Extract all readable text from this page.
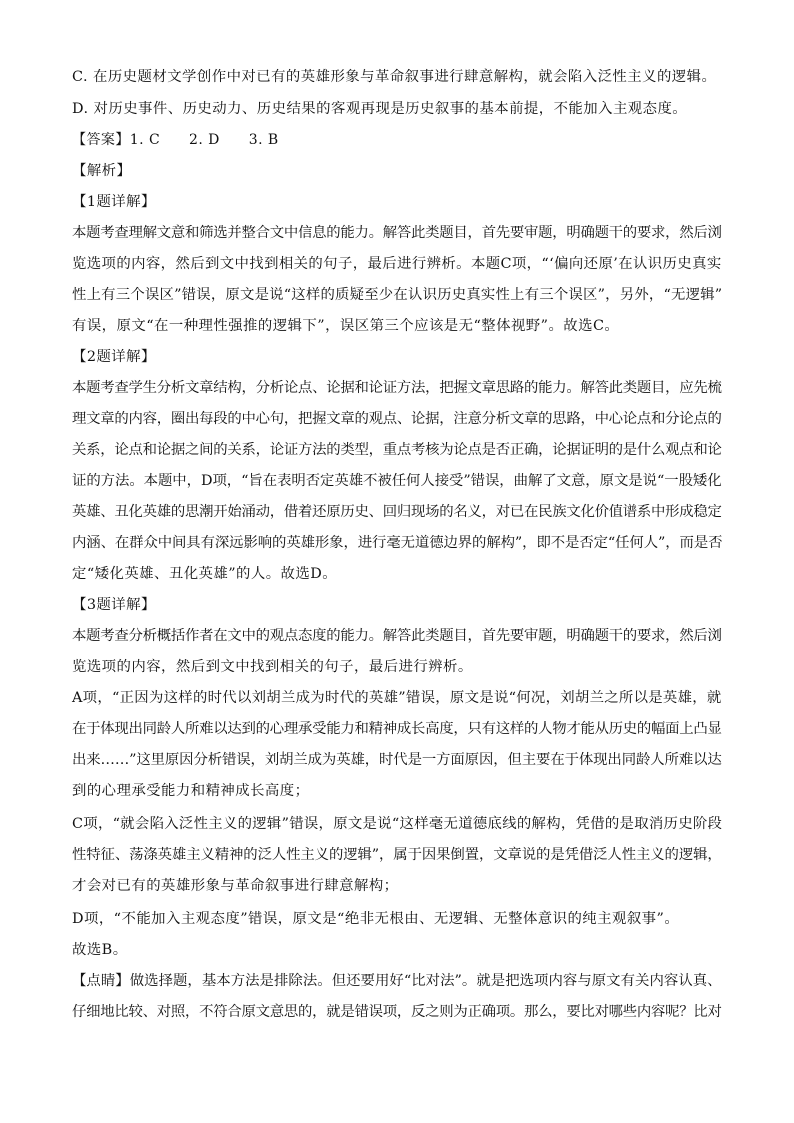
C. 在历史题材文学创作中对已有的英雄形象与革命叙事进行肆意解构，就会陷入泛性主义的逻辑。
D. 对历史事件、历史动力、历史结果的客观再现是历史叙事的基本前提，不能加入主观态度。
【答案】1. C　　2. D　　3. B
【解析】
【1题详解】
本题考查理解文意和筛选并整合文中信息的能力。解答此类题目，首先要审题，明确题干的要求，然后浏
览选项的内容，然后到文中找到相关的句子，最后进行辨析。本题C项，“‘偏向还原’在认识历史真实
性上有三个误区”错误，原文是说“这样的质疑至少在认识历史真实性上有三个误区”，另外，“无逻辑”
有误，原文“在一种理性强推的逻辑下”，误区第三个应该是无“整体视野”。故选C。
【2题详解】
本题考查学生分析文章结构，分析论点、论据和论证方法，把握文章思路的能力。解答此类题目，应先梳
理文章的内容，圈出每段的中心句，把握文章的观点、论据，注意分析文章的思路，中心论点和分论点的
关系，论点和论据之间的关系，论证方法的类型，重点考核为论点是否正确，论据证明的是什么观点和论
证的方法。本题中，D项，“旨在表明否定英雄不被任何人接受”错误，曲解了文意，原文是说“一股矮化
英雄、丑化英雄的思潮开始涌动，借着还原历史、回归现场的名义，对已在民族文化价值谱系中形成稳定
内涵、在群众中间具有深远影响的英雄形象，进行毫无道德边界的解构”，即不是否定“任何人”，而是否
定“矮化英雄、丑化英雄”的人。故选D。
【3题详解】
本题考查分析概括作者在文中的观点态度的能力。解答此类题目，首先要审题，明确题干的要求，然后浏
览选项的内容，然后到文中找到相关的句子，最后进行辨析。
A项，“正因为这样的时代以刘胡兰成为时代的英雄”错误，原文是说“何况，刘胡兰之所以是英雄，就
在于体现出同龄人所难以达到的心理承受能力和精神成长高度，只有这样的人物才能从历史的幅面上凸显
出来……”这里原因分析错误，刘胡兰成为英雄，时代是一方面原因，但主要在于体现出同龄人所难以达
到的心理承受能力和精神成长高度；
C项，“就会陷入泛性主义的逻辑”错误，原文是说“这样毫无道德底线的解构，凭借的是取消历史阶段
性特征、荡涤英雄主义精神的泛人性主义的逻辑”，属于因果倒置，文章说的是凭借泛人性主义的逻辑，
才会对已有的英雄形象与革命叙事进行肆意解构；
D项，“不能加入主观态度”错误，原文是“绝非无根由、无逻辑、无整体意识的纯主观叙事”。
故选B。
【点睛】做选择题，基本方法是排除法。但还要用好“比对法”。就是把选项内容与原文有关内容认真、
仔细地比较、对照，不符合原文意思的，就是错误项，反之则为正确项。那么，要比对哪些内容呢？比对
